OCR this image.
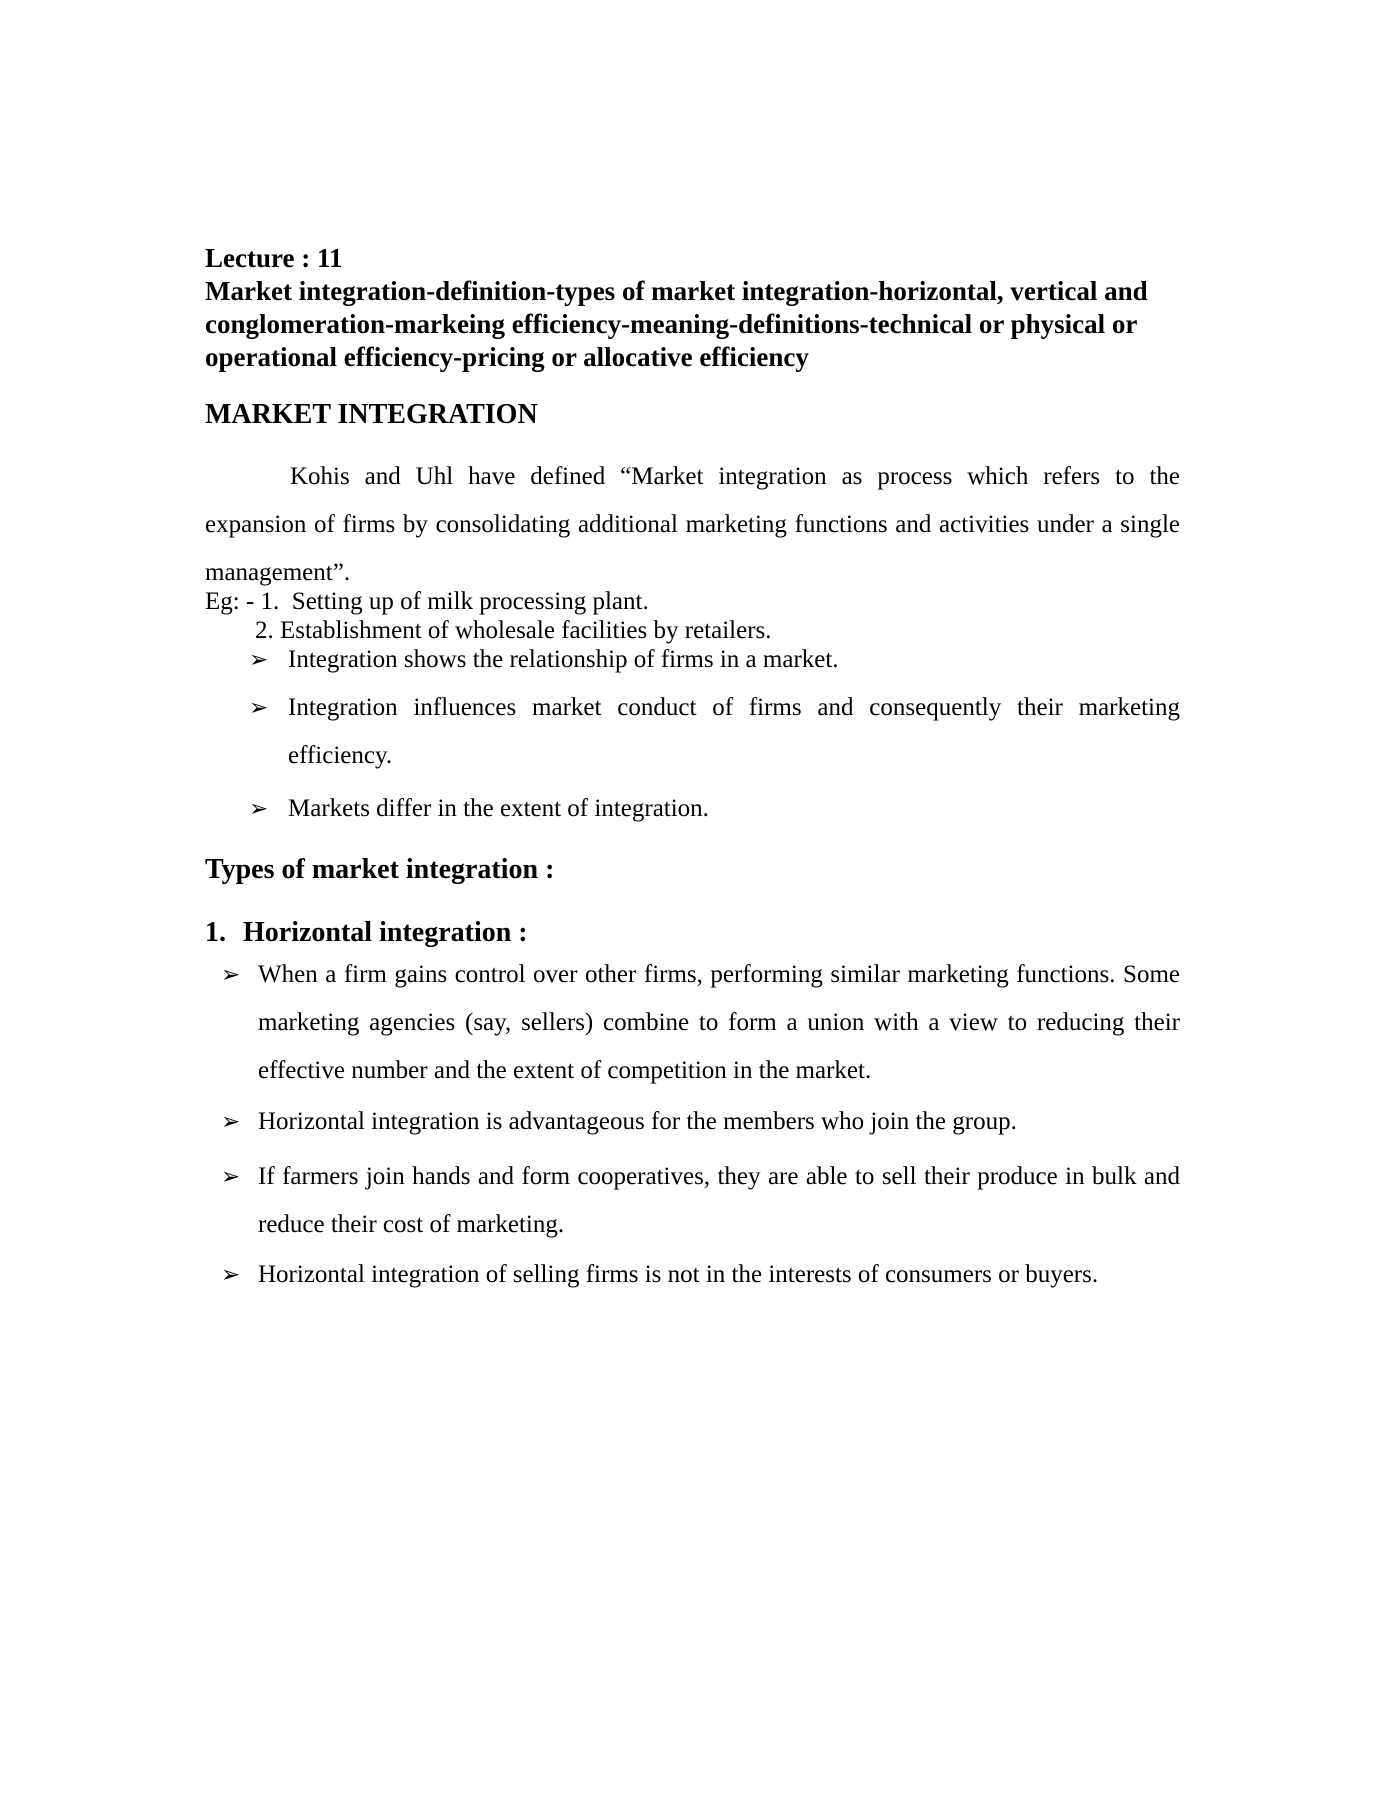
Lecture : 11
Market integration-definition-types of market integration-horizontal, vertical and conglomeration-markeing efficiency-meaning-definitions-technical or physical or operational efficiency-pricing or allocative efficiency
MARKET INTEGRATION
Kohis and Uhl have defined “Market integration as process which refers to the expansion of firms by consolidating additional marketing functions and activities under a single management”.
Eg: - 1.  Setting up of milk processing plant.
2. Establishment of wholesale facilities by retailers.
➢ Integration shows the relationship of firms in a market.
➢ Integration influences market conduct of firms and consequently their marketing efficiency.
➢ Markets differ in the extent of integration.
Types of market integration :
1. Horizontal integration :
➢ When a firm gains control over other firms, performing similar marketing functions. Some marketing agencies (say, sellers) combine to form a union with a view to reducing their effective number and the extent of competition in the market.
➢ Horizontal integration is advantageous for the members who join the group.
➢ If farmers join hands and form cooperatives, they are able to sell their produce in bulk and reduce their cost of marketing.
➢ Horizontal integration of selling firms is not in the interests of consumers or buyers.
